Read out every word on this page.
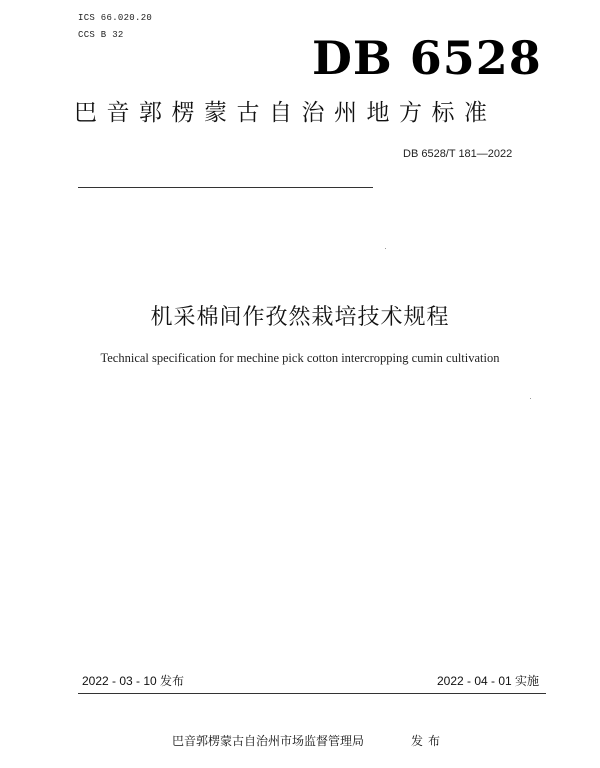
ICS 66.020.20
CCS B 32	DB 6528
巴音郭楞蒙古自治州地方标准
DB 6528/T 181—2022
机采棉间作孜然栽培技术规程
Technical specification for mechine pick cotton intercropping cumin cultivation
2022 - 03 - 10 发布	2022 - 04 - 01 实施
巴音郭楞蒙古自治州市场监督管理局	发布
